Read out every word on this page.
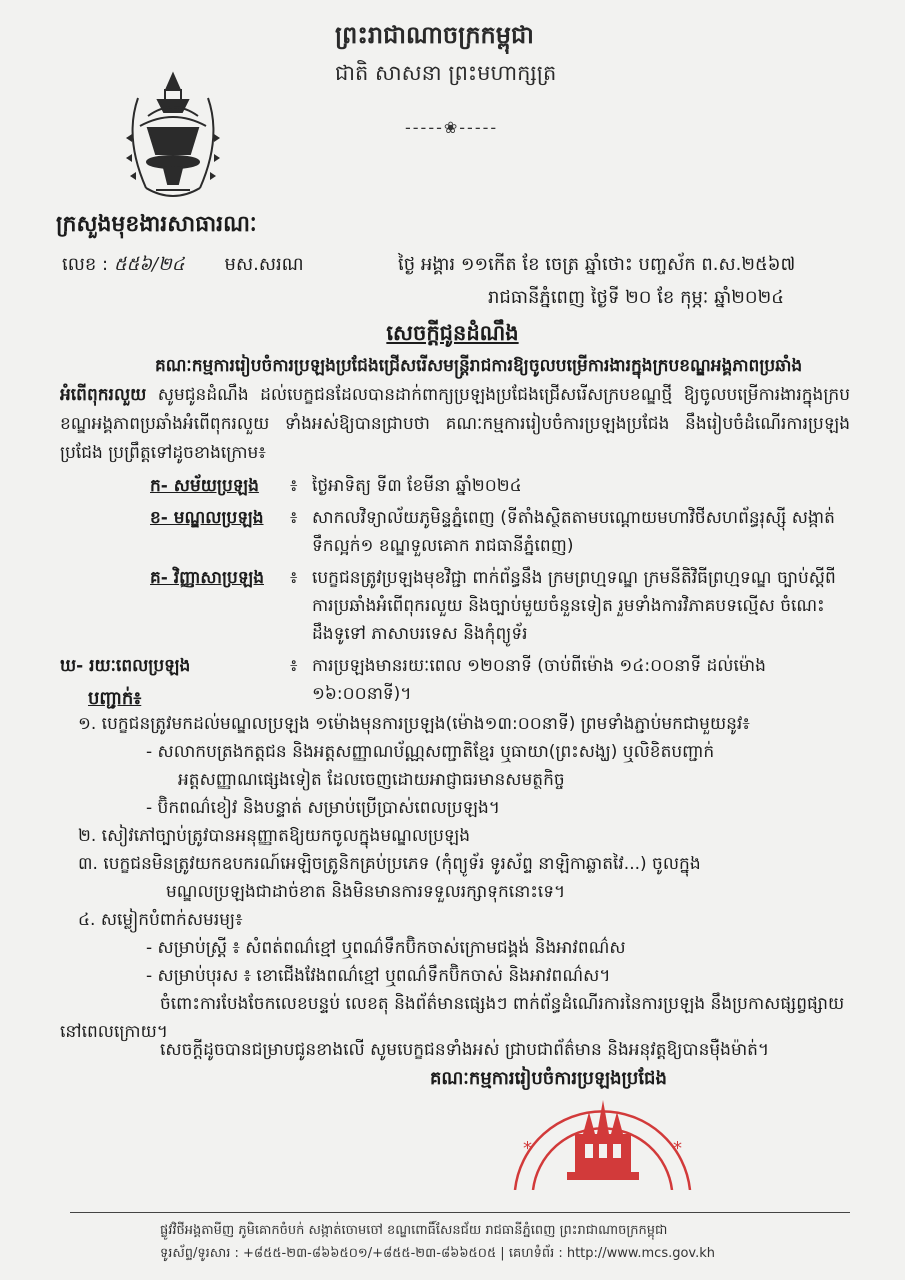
ព្រះរាជាណាចក្រកម្ពុជា
ជាតិ សាសនា ព្រះមហាក្សត្រ
-----❀-----
ក្រសួងមុខងារសាធារណៈ
លេខ : ៥៥៦/២៤ មស.សរណ	ថ្ងៃ អង្គារ ១១កើត ខែ ចេត្រ ឆ្នាំថោះ បញ្ចស័ក ព.ស.២៥៦៧
រាជធានីភ្នំពេញ ថ្ងៃទី ២០ ខែ កុម្ភៈ ឆ្នាំ២០២៤
សេចក្តីជូនដំណឹង
គណៈកម្មការរៀបចំការប្រឡងប្រជែងជ្រើសរើសមន្ត្រីរាជការឱ្យចូលបម្រើការងារក្នុងក្របខណ្ឌអង្គភាពប្រឆាំងអំពើពុករលួយ សូមជូនដំណឹង ដល់បេក្ខជនដែលបានដាក់ពាក្យប្រឡងប្រជែងជ្រើសរើសក្របខណ្ឌថ្មី ឱ្យចូលបម្រើការងារក្នុងក្របខណ្ឌអង្គភាពប្រឆាំងអំពើពុករលួយ ទាំងអស់ឱ្យបានជ្រាបថា គណៈកម្មការរៀបចំការប្រឡងប្រជែង នឹងរៀបចំដំណើរការប្រឡងប្រជែង ប្រព្រឹត្តទៅដូចខាងក្រោម៖
ក- សម័យប្រឡង	៖ ថ្ងៃអាទិត្យ ទី៣ ខែមីនា ឆ្នាំ២០២៤
ខ- មណ្ឌលប្រឡង	៖ សាកលវិទ្យាល័យភូមិន្ទភ្នំពេញ (ទីតាំងស្ថិតតាមបណ្តោយមហាវិថីសហព័ន្ធរុស្ស៊ី សង្កាត់ទឹកល្អក់១ ខណ្ឌទួលគោក រាជធានីភ្នំពេញ)
គ- វិញ្ញាសាប្រឡង	៖ បេក្ខជនត្រូវប្រឡងមុខវិជ្ជា ពាក់ព័ន្ធនឹង ក្រមព្រហ្មទណ្ឌ ក្រមនីតិវិធីព្រហ្មទណ្ឌ ច្បាប់ស្តីពីការប្រឆាំងអំពើពុករលួយ និងច្បាប់មួយចំនួនទៀត រួមទាំងការវិភាគបទល្មើស ចំណេះដឹងទូទៅ ភាសាបរទេស និងកុំព្យូទ័រ
ឃ- រយៈពេលប្រឡង	៖ ការប្រឡងមានរយៈពេល ១២០នាទី (ចាប់ពីម៉ោង ១៤:០០នាទី ដល់ម៉ោង ១៦:០០នាទី)។
បញ្ជាក់៖
១. បេក្ខជនត្រូវមកដល់មណ្ឌលប្រឡង ១ម៉ោងមុនការប្រឡង(ម៉ោង១៣:០០នាទី) ព្រមទាំងភ្ជាប់មកជាមួយនូវ៖
- សលាកបត្រងកត្តជន និងអត្តសញ្ញាណប័ណ្ណសញ្ជាតិខ្មែរ ឬធាយា(ព្រះសង្ឃ) ឬលិខិតបញ្ជាក់
អត្តសញ្ញាណផ្សេងទៀត ដែលចេញដោយអាជ្ញាធរមានសមត្ថកិច្ច
- ប៊ិកពណ៌ខៀវ និងបន្ទាត់ សម្រាប់ប្រើប្រាស់ពេលប្រឡង។
២. សៀវភៅច្បាប់ត្រូវបានអនុញ្ញាតឱ្យយកចូលក្នុងមណ្ឌលប្រឡង
៣. បេក្ខជនមិនត្រូវយកឧបករណ៍អេឡិចត្រូនិកគ្រប់ប្រភេទ (កុំព្យូទ័រ ទូរស័ព្ទ នាឡិកាឆ្លាតវៃ...) ចូលក្នុង
មណ្ឌលប្រឡងជាដាច់ខាត និងមិនមានការទទួលរក្សាទុកនោះទេ។
៤. សម្លៀកបំពាក់សមរម្យ៖
- សម្រាប់ស្ត្រី ៖ សំពត់ពណ៌ខ្មៅ ឬពណ៌ទឹកប៊ិកចាស់ក្រោមជង្គង់ និងអាវពណ៌ស
- សម្រាប់បុរស ៖ ខោជើងវែងពណ៌ខ្មៅ ឬពណ៌ទឹកប៊ិកចាស់ និងអាវពណ៌ស។
ចំពោះការបែងចែកលេខបន្ទប់ លេខតុ និងព័ត៌មានផ្សេងៗ ពាក់ព័ន្ធដំណើរការនៃការប្រឡង នឹងប្រកាសផ្សព្វផ្សាយនៅពេលក្រោយ។
សេចក្តីដូចបានជម្រាបជូនខាងលើ សូមបេក្ខជនទាំងអស់ ជ្រាបជាព័ត៌មាន និងអនុវត្តឱ្យបានម៉ឺងម៉ាត់។
គណៈកម្មការរៀបចំការប្រឡងប្រជែង
*	*
ផ្លូវវិថីអង្គតាមីញ ភូមិគោកចំបក់ សង្កាត់ចោមចៅ ខណ្ឌពោធិ៍សែនជ័យ រាជធានីភ្នំពេញ ព្រះរាជាណាចក្រកម្ពុជា
ទូរស័ព្ទ/ទូរសារ : +៨៥៥-២៣-៨៦៦៥០១/+៨៥៥-២៣-៨៦៦៥០៥ | គេហទំព័រ : http://www.mcs.gov.kh
